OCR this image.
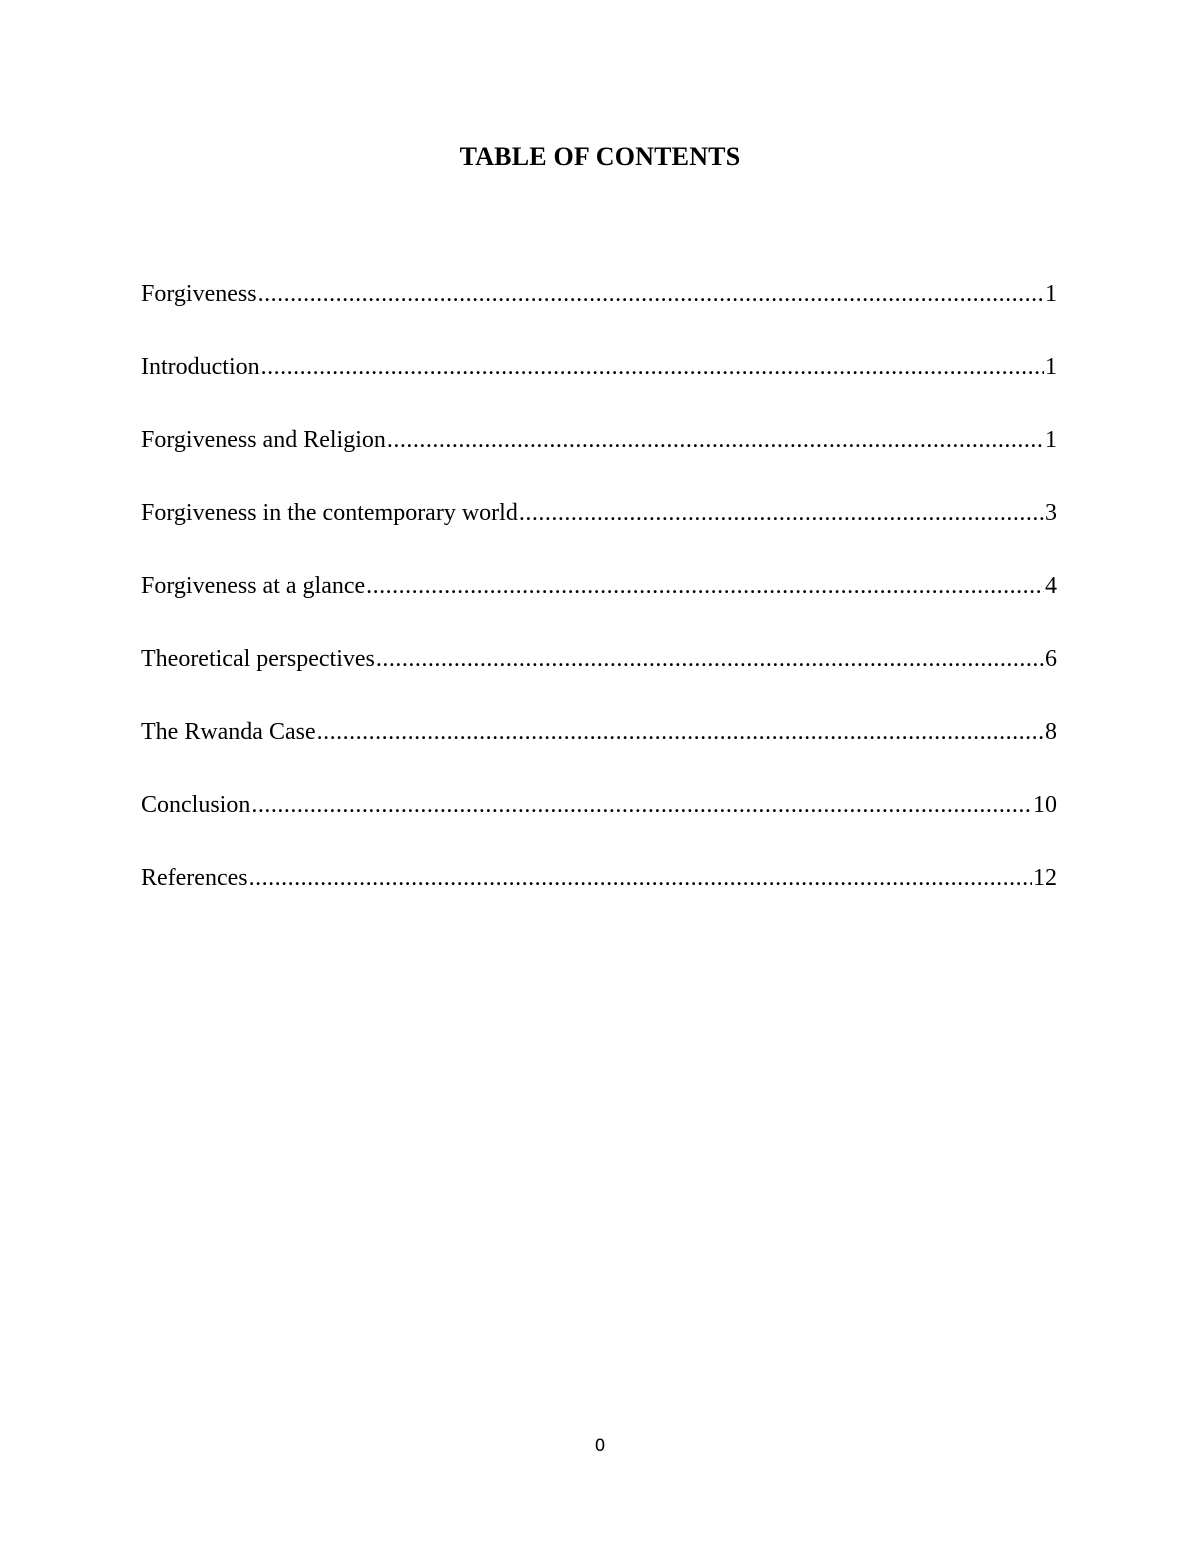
TABLE OF CONTENTS
Forgiveness .....	1
Introduction .....	1
Forgiveness and Religion .....	1
Forgiveness in the contemporary world .....	3
Forgiveness at a glance .....	4
Theoretical perspectives .....	6
The Rwanda Case .....	8
Conclusion .....	10
References .....	12
0
